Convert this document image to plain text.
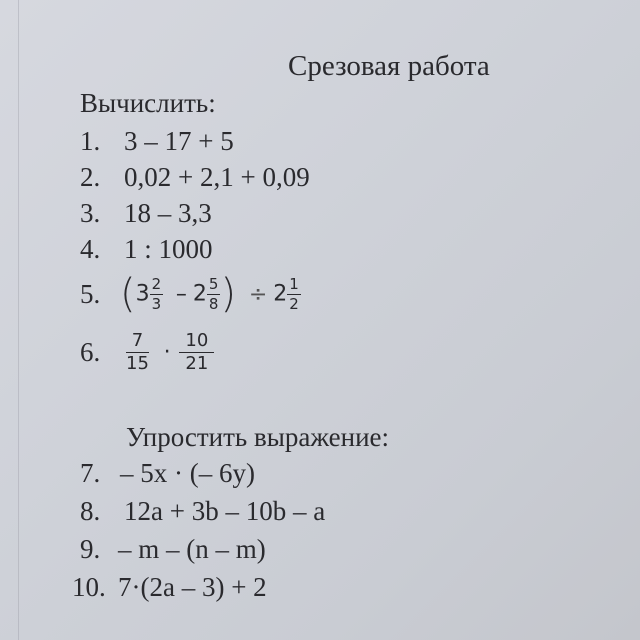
Срезовая работа
Вычислить:
1. 3 – 17 + 5
2. 0,02 + 2,1 + 0,09
3. 18 – 3,3
4. 1 : 1000
5. ($3 \frac{2}{3} - 2 \frac{5}{8}$ ) ÷ $2 \frac{1}{2}$
6. $\frac{7}{15} \cdot \frac{10}{21}$
Упростить выражение:
7. – 5x · (– 6y)
8. 12a + 3b – 10b – a
9. – m – (n – m)
10. 7·(2a – 3) + 2
